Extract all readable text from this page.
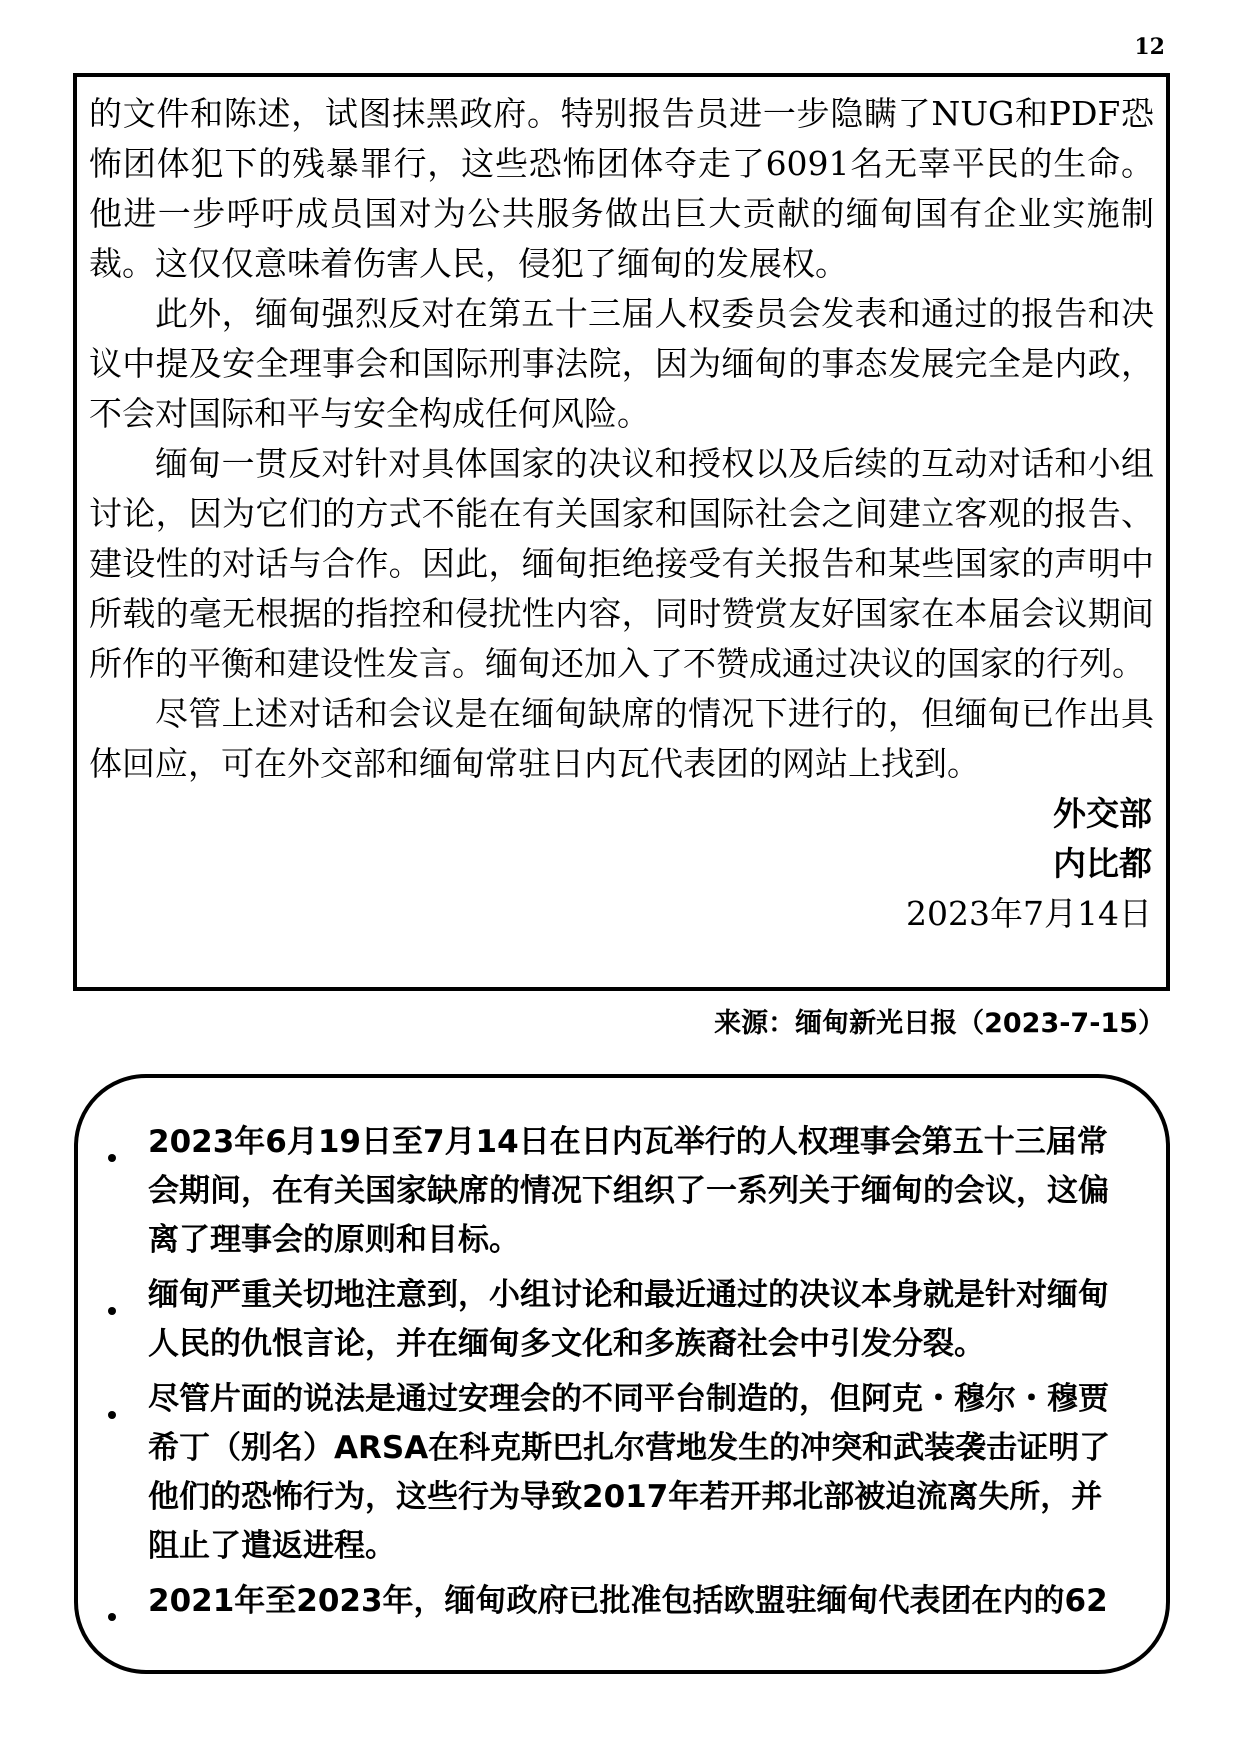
12

的文件和陈述，试图抹黑政府。特别报告员进一步隐瞒了NUG和PDF恐怖团体犯下的残暴罪行，这些恐怖团体夺走了6091名无辜平民的生命。他进一步呼吁成员国对为公共服务做出巨大贡献的缅甸国有企业实施制裁。这仅仅意味着伤害人民，侵犯了缅甸的发展权。

此外，缅甸强烈反对在第五十三届人权委员会发表和通过的报告和决议中提及安全理事会和国际刑事法院，因为缅甸的事态发展完全是内政，不会对国际和平与安全构成任何风险。

缅甸一贯反对针对具体国家的决议和授权以及后续的互动对话和小组讨论，因为它们的方式不能在有关国家和国际社会之间建立客观的报告、建设性的对话与合作。因此，缅甸拒绝接受有关报告和某些国家的声明中所载的毫无根据的指控和侵扰性内容，同时赞赏友好国家在本届会议期间所作的平衡和建设性发言。缅甸还加入了不赞成通过决议的国家的行列。

尽管上述对话和会议是在缅甸缺席的情况下进行的，但缅甸已作出具体回应，可在外交部和缅甸常驻日内瓦代表团的网站上找到。

外交部

内比都

2023年7月14日

来源：缅甸新光日报（2023-7-15）
2023年6月19日至7月14日在日内瓦举行的人权理事会第五十三届常会期间，在有关国家缺席的情况下组织了一系列关于缅甸的会议，这偏离了理事会的原则和目标。
缅甸严重关切地注意到，小组讨论和最近通过的决议本身就是针对缅甸人民的仇恨言论，并在缅甸多文化和多族裔社会中引发分裂。
尽管片面的说法是通过安理会的不同平台制造的，但阿克・穆尔・穆贾希丁（别名）ARSA在科克斯巴扎尔营地发生的冲突和武装袭击证明了他们的恐怖行为，这些行为导致2017年若开邦北部被迫流离失所，并阻止了遣返进程。
2021年至2023年，缅甸政府已批准包括欧盟驻缅甸代表团在内的62
